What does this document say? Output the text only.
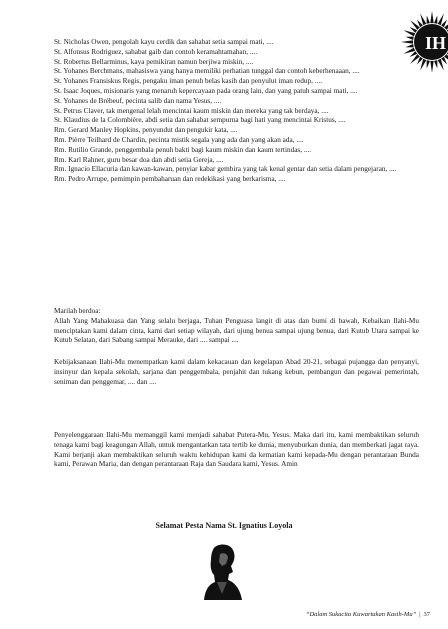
IH

St. Nicholas Owen, pengolah kayu cerdik dan sahabat setia sampai mati, ....

St. Alfonsus Rodriguez, sahabat gaib dan contoh keramahtamahan, ....

St. Robertus Bellarminus, kaya pemikiran namun berjiwa miskin, ....

St. Yohanes Berchmans, mahasiswa yang hanya memiliki perhatian tunggal dan contoh keberhenaaan, ....

St. Yohanes Fransiskus Regis, pengaku iman penuh belas kasih dan penyulut iman redup, ....

St. Isaac Joques, misionaris yang menaruh kepercayaan pada orang lain, dan yang patuh sampai mati, ....

St. Yohanes de Brébeuf, pecinta salib dan nama Yesus, ....

St. Petrus Claver, tak mengenal lelah mencintai kaum miskin dan mereka yang tak berdaya, ....

St. Klaudius de la Colombière, abdi setia dan sahabat sempurna bagi hati yang mencintai Kristus, ....

Rm. Gerard Manley Hopkins, penyundut dan pengukir kata, ....

Rm. Pièrre Teilhard de Chardin, pecinta mistik segala yang ada dan yang akan ada, ....

Rm. Rutilio Grande, penggembala penuh bakti bagi kaum miskin dan kaum tertindas, ....

Rm. Karl Rahner, guru besar doa dan abdi setia Gereja, ....

Rm. Ignacio Ellacuria dan kawan-kawan, penyiar kabar gembira yang tak kenal gentar dan setia dalam pengejaran, ....

Rm. Pedro Arrupe, pemimpin pembaharuan dan redekikasi yang berkarisma, ....

Marilah berdoa:

Allah Yang Mahakuasa dan Yang selalu berjaga, Tuhan Penguasa langit di atas dan bumi di bawah, Kebaikan Ilahi-Mu menciptakan kami dalam cinta, kami dari setiap wilayah, dari ujung benua sampai ujung benua, dari Kutub Utara sampai ke Kutub Selatan, dari Sabang sampai Merauke, dari .... sampai ....

Kebijaksanaan Ilahi-Mu menempatkan kami dalam kekacauan dan kegelapan Abad 20-21, sebagai pujangga dan penyanyi, insinyur dan kepala sekolah, sarjana dan penggembala, penjahit dan tukang kebun, pembangun dan pegawai pemerintah, seniman dan penggemar, .... dan ....

Penyelenggaraan Ilahi-Mu memanggil kami menjadi sahabat Putera-Mu, Yesus. Maka dari itu, kami membaktikan seluruh tenaga kami bagi keagungan Allah, untuk mengantarkan tata tertib ke dunia, menyuburkan dunia, dan memberkati jagat raya. Kami berjanji akan membaktikan seluruh waktu kehidupan kami da kematian kami kepada-Mu dengan perantaraan Bunda kami, Perawan Maria, dan dengan perantaraan Raja dan Saudara kami, Yesus. Amin

Selamat Pesta Nama St. Ignatius Loyola
“Dalam Sukacita Kuwartakan Kasih-Mu” | 37
